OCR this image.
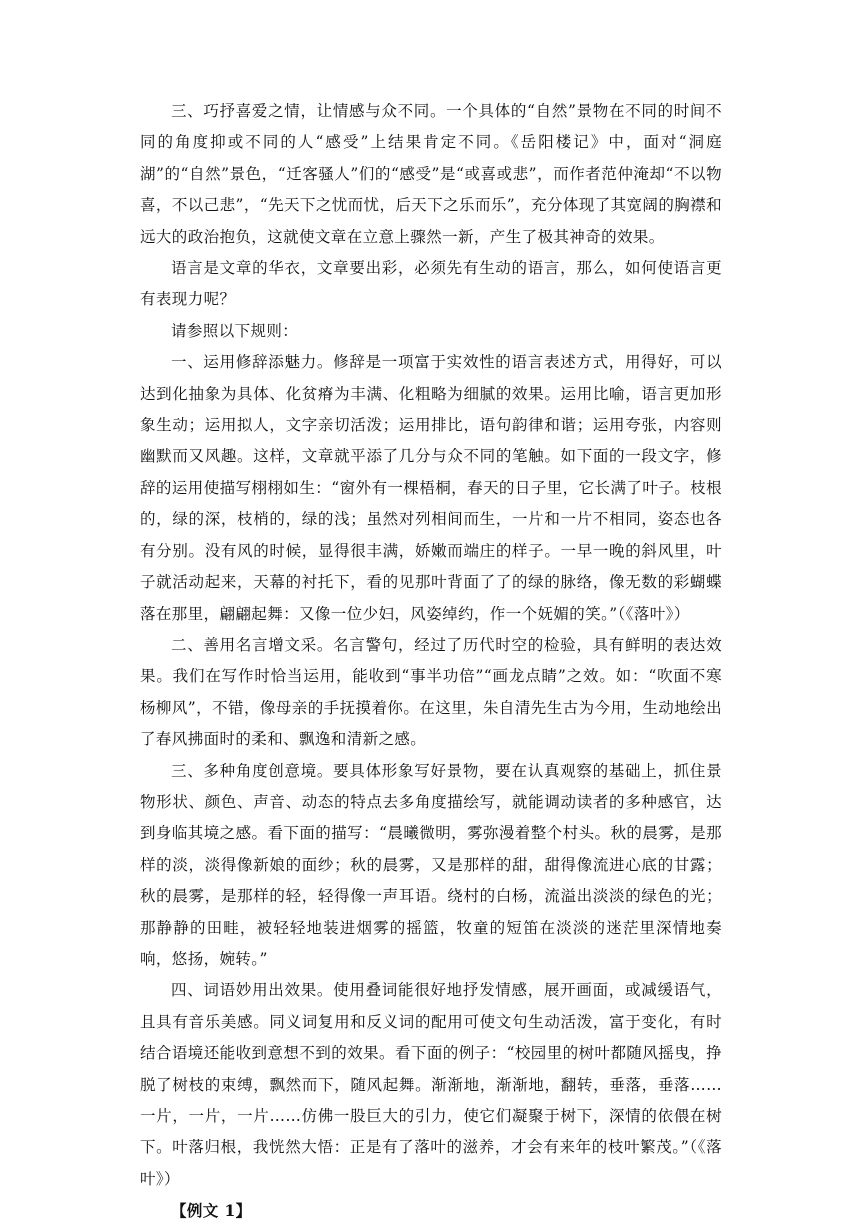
三、巧抒喜爱之情，让情感与众不同。一个具体的“自然”景物在不同的时间不同的角度抑或不同的人“感受”上结果肯定不同。《岳阳楼记》中，面对“洞庭湖”的“自然”景色，“迁客骚人”们的“感受”是“或喜或悲”，而作者范仲淹却“不以物喜，不以己悲”，“先天下之忧而忧，后天下之乐而乐”，充分体现了其宽阔的胸襟和远大的政治抱负，这就使文章在立意上骤然一新，产生了极其神奇的效果。

语言是文章的华衣，文章要出彩，必须先有生动的语言，那么，如何使语言更有表现力呢？

请参照以下规则：

一、运用修辞添魅力。修辞是一项富于实效性的语言表述方式，用得好，可以达到化抽象为具体、化贫瘠为丰满、化粗略为细腻的效果。运用比喻，语言更加形象生动；运用拟人，文字亲切活泼；运用排比，语句韵律和谐；运用夸张，内容则幽默而又风趣。这样，文章就平添了几分与众不同的笔触。如下面的一段文字，修辞的运用使描写栩栩如生：“窗外有一棵梧桐，春天的日子里，它长满了叶子。枝根的，绿的深，枝梢的，绿的浅；虽然对列相间而生，一片和一片不相同，姿态也各有分别。没有风的时候，显得很丰满，娇嫩而端庄的样子。一早一晚的斜风里，叶子就活动起来，天幕的衬托下，看的见那叶背面了了的绿的脉络，像无数的彩蝴蝶落在那里，翩翩起舞：又像一位少妇，风姿绰约，作一个妩媚的笑。”（《落叶》）

二、善用名言增文采。名言警句，经过了历代时空的检验，具有鲜明的表达效果。我们在写作时恰当运用，能收到“事半功倍”“画龙点睛”之效。如：“吹面不寒杨柳风”，不错，像母亲的手抚摸着你。在这里，朱自清先生古为今用，生动地绘出了春风拂面时的柔和、飘逸和清新之感。

三、多种角度创意境。要具体形象写好景物，要在认真观察的基础上，抓住景物形状、颜色、声音、动态的特点去多角度描绘写，就能调动读者的多种感官，达到身临其境之感。看下面的描写：“晨曦微明，雾弥漫着整个村头。秋的晨雾，是那样的淡，淡得像新娘的面纱；秋的晨雾，又是那样的甜，甜得像流进心底的甘露；秋的晨雾，是那样的轻，轻得像一声耳语。绕村的白杨，流溢出淡淡的绿色的光；那静静的田畦，被轻轻地装进烟雾的摇篮，牧童的短笛在淡淡的迷茫里深情地奏响，悠扬，婉转。”

四、词语妙用出效果。使用叠词能很好地抒发情感，展开画面，或减缓语气，且具有音乐美感。同义词复用和反义词的配用可使文句生动活泼，富于变化，有时结合语境还能收到意想不到的效果。看下面的例子：“校园里的树叶都随风摇曳，挣脱了树枝的束缚，飘然而下，随风起舞。渐渐地，渐渐地，翻转，垂落，垂落……一片，一片，一片……仿佛一股巨大的引力，使它们凝聚于树下，深情的依偎在树下。叶落归根，我恍然大悟：正是有了落叶的滋养，才会有来年的枝叶繁茂。”（《落叶》）

【例文 1】
